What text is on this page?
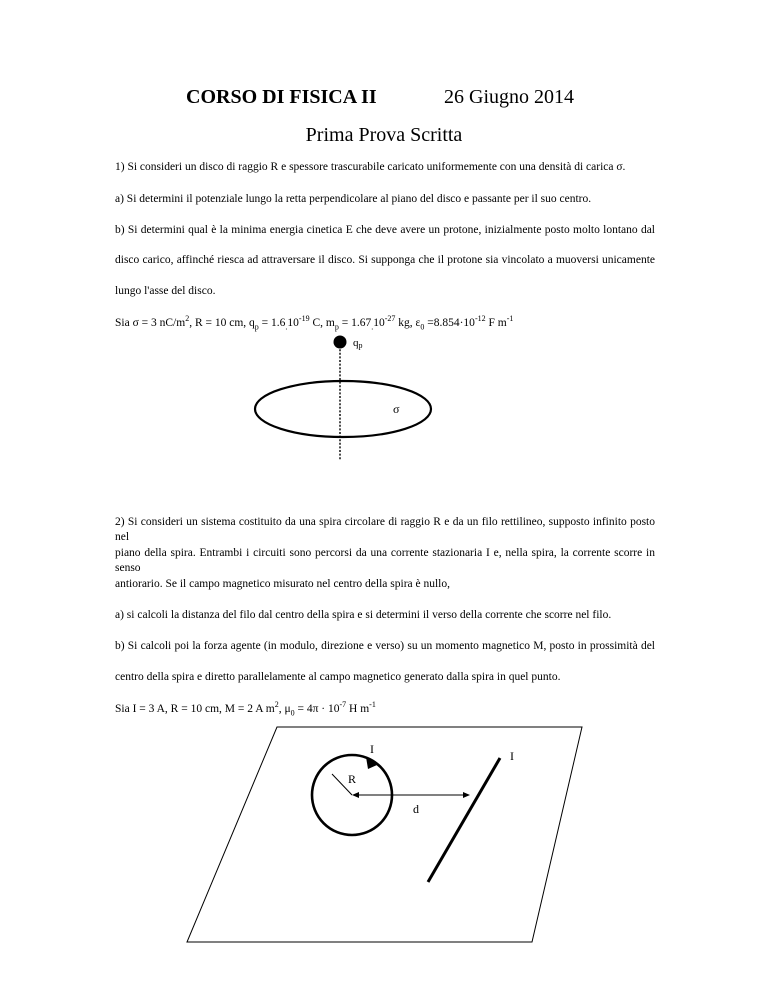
CORSO DI FISICA II	26 Giugno 2014
Prima Prova Scritta
1) Si consideri un disco di raggio R e spessore trascurabile caricato uniformemente con una densità di carica σ.
a) Si determini il potenziale lungo la retta perpendicolare al piano del disco e passante per il suo centro.
b) Si determini qual è la minima energia cinetica E che deve avere un protone, inizialmente posto molto lontano dal
disco carico, affinché riesca ad attraversare il disco. Si supponga che il protone sia vincolato a muoversi unicamente
lungo l'asse del disco.
Sia σ = 3 $nC/m^2$, R = 10 cm, $q_p = 1.6_.10^{-19}$ C, $m_p = 1.67_.10^{-27}$ kg, $\varepsilon_0 =8.854\cdot 10^{-12}$ F $m^{-1}$
qp
σ
2) Si consideri un sistema costituito da una spira circolare di raggio R e da un filo rettilineo, supposto infinito posto nel
piano della spira. Entrambi i circuiti sono percorsi da una corrente stazionaria I e, nella spira, la corrente scorre in senso
antiorario. Se il campo magnetico misurato nel centro della spira è nullo,
a) si calcoli la distanza del filo dal centro della spira e si determini il verso della corrente che scorre nel filo.
b) Si calcoli poi la forza agente (in modulo, direzione e verso) su un momento magnetico M, posto in prossimità del
centro della spira e diretto parallelamente al campo magnetico generato dalla spira in quel punto.
Sia I = 3 A, R = 10 cm, M = 2 A $m^2$, $\mu_0 = 4\pi \cdot 10^{-7}$ H $m^{-1}$
I	I
R
d
